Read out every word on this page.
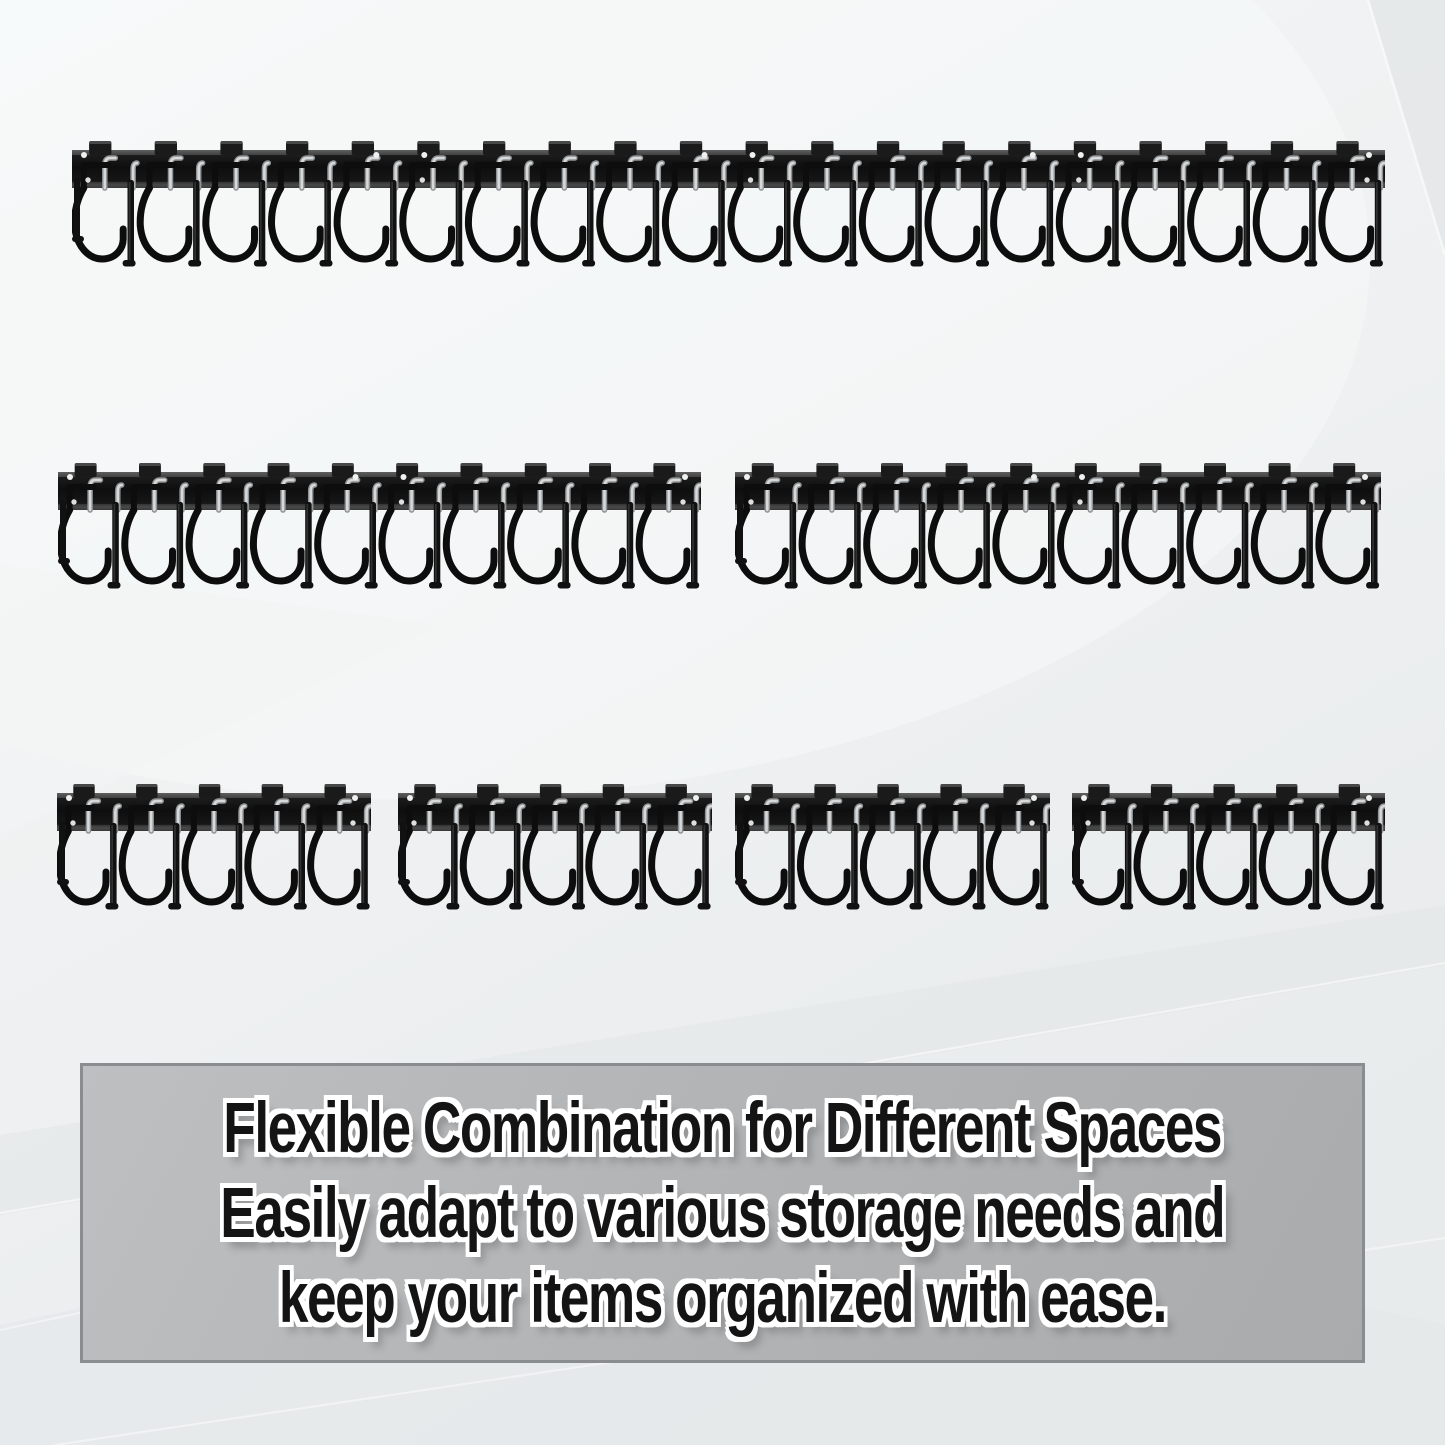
Flexible Combination for Different Spaces
Easily adapt to various storage needs and
keep your items organized with ease.
